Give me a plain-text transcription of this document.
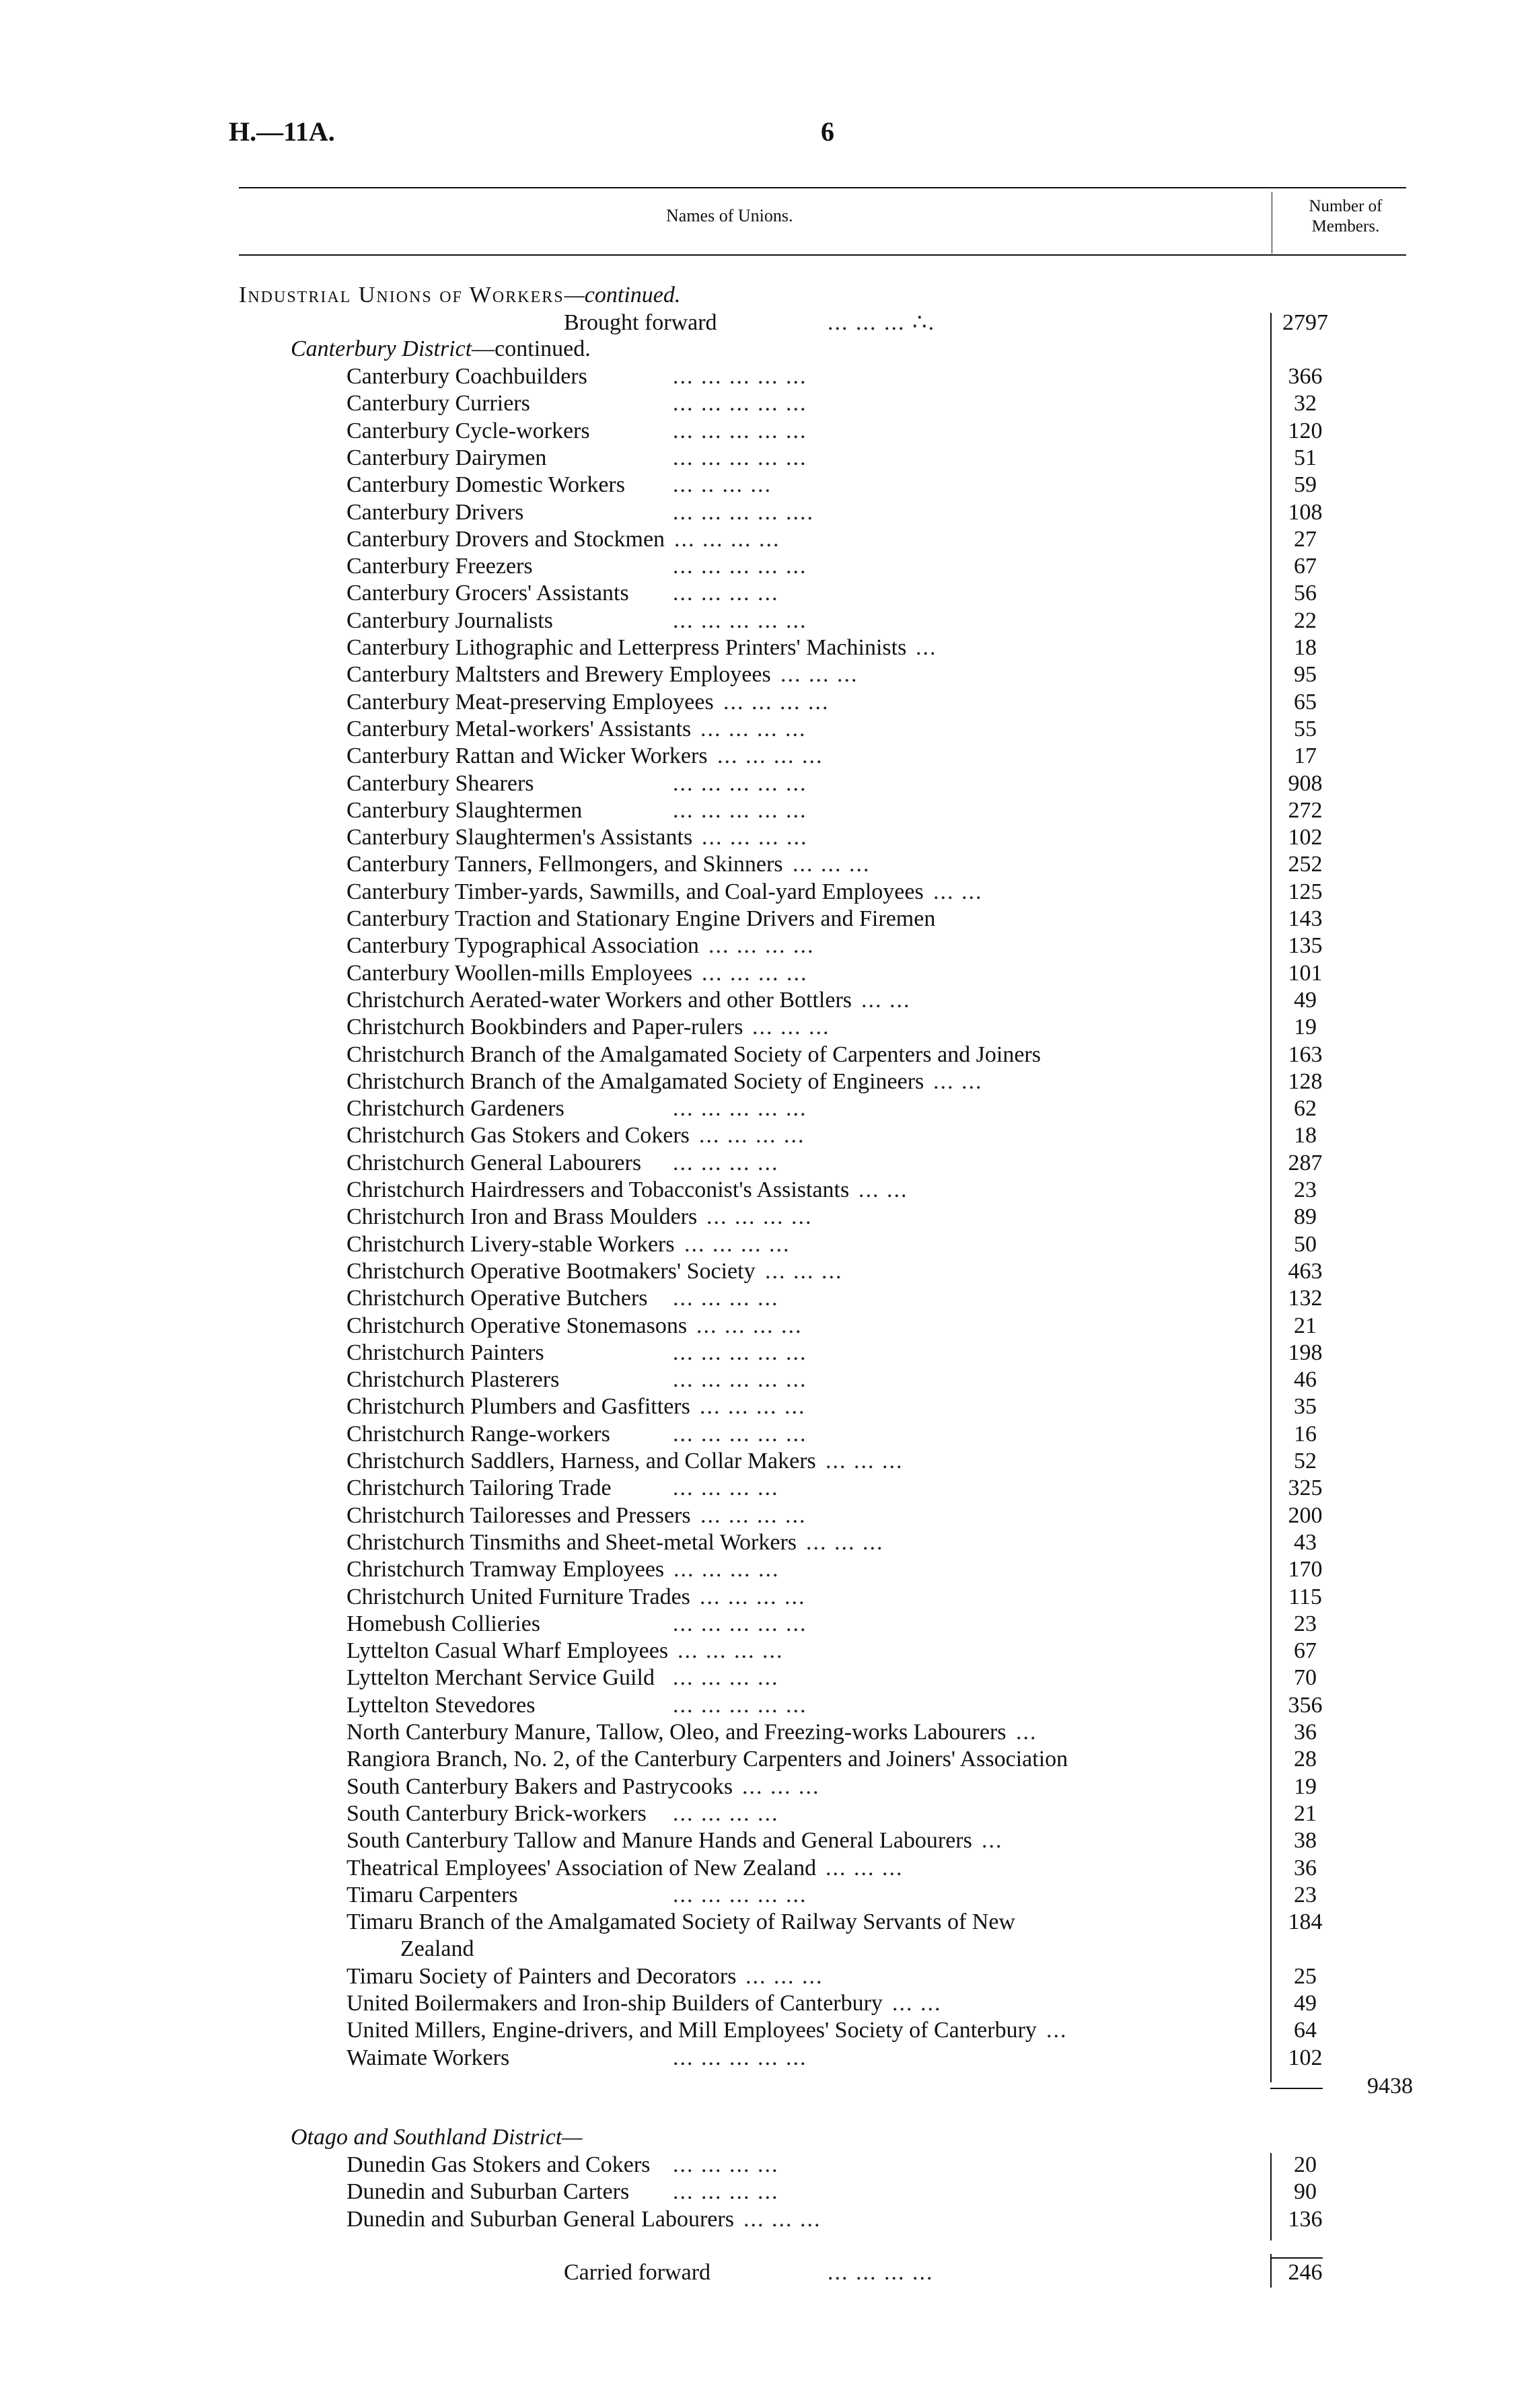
H.—11A.	6
Names of Unions.	Number of
Members.
Industrial Unions of Workers—continued.
Brought forward	... ... ... ∴.	2797
Canterbury District—continued.
Canterbury Coachbuilders	... ... ... ... ...	366
Canterbury Curriers	... ... ... ... ...	32
Canterbury Cycle-workers	... ... ... ... ...	120
Canterbury Dairymen	... ... ... ... ...	51
Canterbury Domestic Workers ... .. ... ...	59
Canterbury Drivers	... ... ... ... ....	108
Canterbury Drovers and Stockmen ... ... ... ...	27
Canterbury Freezers	... ... ... ... ...	67
Canterbury Grocers' Assistants ... ... ... ...	56
Canterbury Journalists	... ... ... ... ...	22
Canterbury Lithographic and Letterpress Printers' Machinists ...	18
Canterbury Maltsters and Brewery Employees ... ... ...	95
Canterbury Meat-preserving Employees ... ... ... ...	65
Canterbury Metal-workers' Assistants ... ... ... ...	55
Canterbury Rattan and Wicker Workers ... ... ... ...	17
Canterbury Shearers	... ... ... ... ...	908
Canterbury Slaughtermen	... ... ... ... ...	272
Canterbury Slaughtermen's Assistants ... ... ... ...	102
Canterbury Tanners, Fellmongers, and Skinners ... ... ...	252
Canterbury Timber-yards, Sawmills, and Coal-yard Employees ... ...	125
Canterbury Traction and Stationary Engine Drivers and Firemen	143
Canterbury Typographical Association ... ... ... ...	135
Canterbury Woollen-mills Employees ... ... ... ...	101
Christchurch Aerated-water Workers and other Bottlers ... ...	49
Christchurch Bookbinders and Paper-rulers ... ... ...	19
Christchurch Branch of the Amalgamated Society of Carpenters and Joiners	163
Christchurch Branch of the Amalgamated Society of Engineers ... ...	128
Christchurch Gardeners	... ... ... ... ...	62
Christchurch Gas Stokers and Cokers ... ... ... ...	18
Christchurch General Labourers ... ... ... ...	287
Christchurch Hairdressers and Tobacconist's Assistants ... ...	23
Christchurch Iron and Brass Moulders ... ... ... ...	89
Christchurch Livery-stable Workers ... ... ... ...	50
Christchurch Operative Bootmakers' Society ... ... ...	463
Christchurch Operative Butchers ... ... ... ...	132
Christchurch Operative Stonemasons ... ... ... ...	21
Christchurch Painters	... ... ... ... ...	198
Christchurch Plasterers	... ... ... ... ...	46
Christchurch Plumbers and Gasfitters ... ... ... ...	35
Christchurch Range-workers	... ... ... ... ...	16
Christchurch Saddlers, Harness, and Collar Makers ... ... ...	52
Christchurch Tailoring Trade	... ... ... ...	325
Christchurch Tailoresses and Pressers ... ... ... ...	200
Christchurch Tinsmiths and Sheet-metal Workers ... ... ...	43
Christchurch Tramway Employees ... ... ... ...	170
Christchurch United Furniture Trades ... ... ... ...	115
Homebush Collieries	... ... ... ... ...	23
Lyttelton Casual Wharf Employees ... ... ... ...	67
Lyttelton Merchant Service Guild ... ... ... ...	70
Lyttelton Stevedores	... ... ... ... ...	356
North Canterbury Manure, Tallow, Oleo, and Freezing-works Labourers ...	36
Rangiora Branch, No. 2, of the Canterbury Carpenters and Joiners' Association	28
South Canterbury Bakers and Pastrycooks ... ... ...	19
South Canterbury Brick-workers ... ... ... ...	21
South Canterbury Tallow and Manure Hands and General Labourers ...	38
Theatrical Employees' Association of New Zealand ... ... ...	36
Timaru Carpenters	... ... ... ... ...	23
Timaru Branch of the Amalgamated Society of Railway Servants of New	184
Zealand
Timaru Society of Painters and Decorators ... ... ...	25
United Boilermakers and Iron-ship Builders of Canterbury ... ...	49
United Millers, Engine-drivers, and Mill Employees' Society of Canterbury ...	64
Waimate Workers	... ... ... ... ...	102
9438
Otago and Southland District—
Dunedin Gas Stokers and Cokers ... ... ... ...	20
Dunedin and Suburban Carters ... ... ... ...	90
Dunedin and Suburban General Labourers ... ... ...	136
Carried forward	... ... ... ...	246
